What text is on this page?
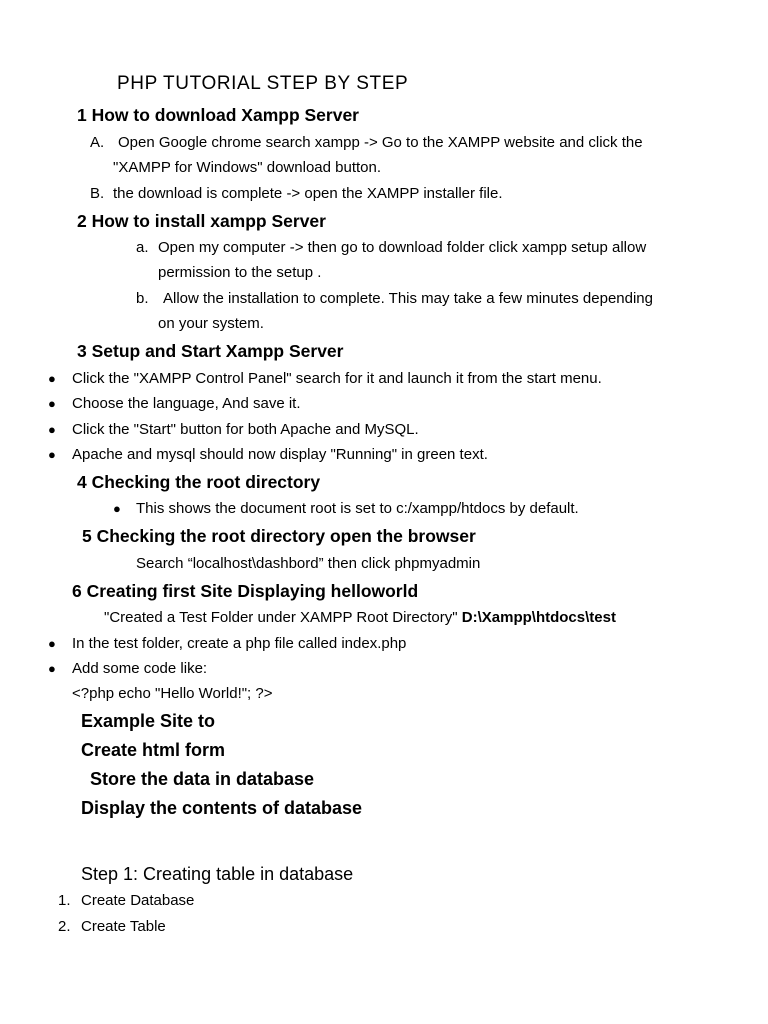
PHP TUTORIAL STEP BY STEP
1 How to download Xampp Server
A. Open Google chrome search xampp -> Go to the XAMPP website and click the
"XAMPP for Windows" download button.
B. the download is complete -> open the XAMPP installer file.
2 How to install xampp Server
a. Open my computer -> then go to download folder click xampp setup allow
permission to the setup .
b. Allow the installation to complete. This may take a few minutes depending
on your system.
3 Setup and Start Xampp Server
● Click the "XAMPP Control Panel" search for it and launch it from the start menu.
● Choose the language, And save it.
● Click the "Start" button for both Apache and MySQL.
● Apache and mysql should now display "Running" in green text.
4 Checking the root directory
● This shows the document root is set to c:/xampp/htdocs by default.
5 Checking the root directory open the browser
Search “localhost\dashbord” then click phpmyadmin
6 Creating first Site Displaying helloworld
"Created a Test Folder under XAMPP Root Directory" D:\Xampp\htdocs\test
● In the test folder, create a php file called index.php
● Add some code like:
<?php echo "Hello World!"; ?>
Example Site to
Create html form
Store the data in database
Display the contents of database
Step 1: Creating table in database
1. Create Database
2. Create Table
